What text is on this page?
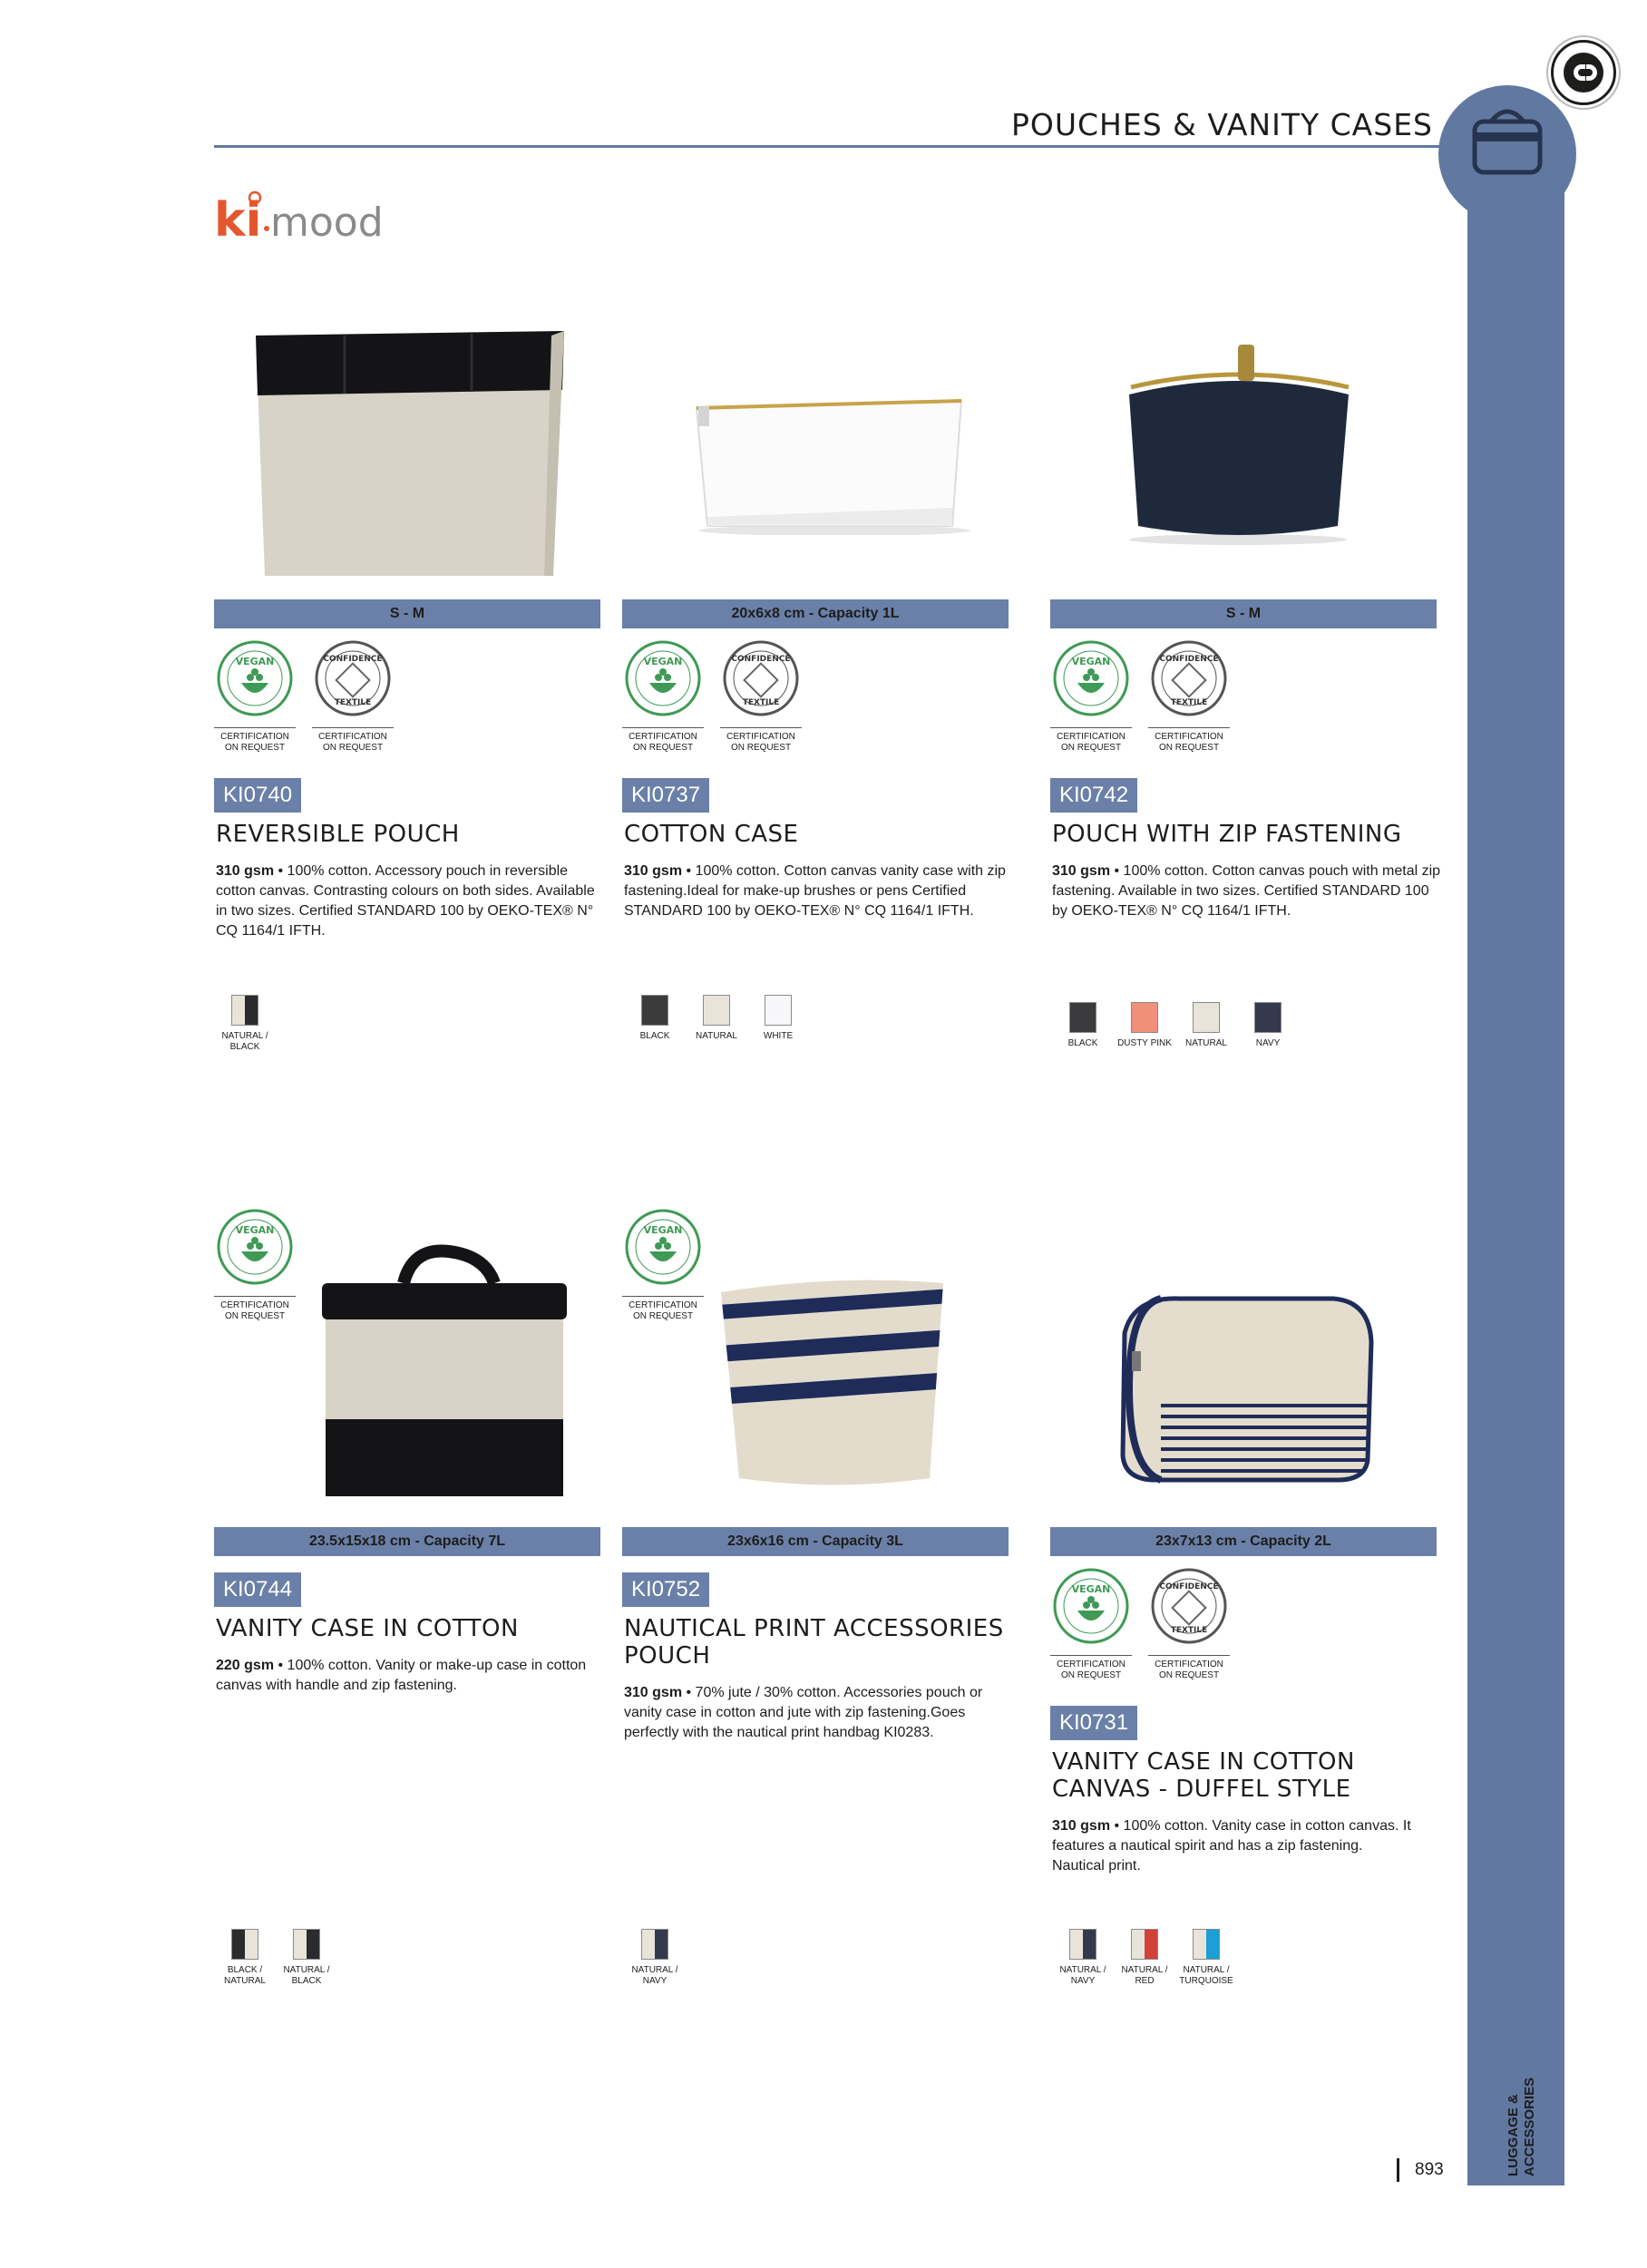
POUCHES & VANITY CASES
LUGGAGE & ACCESSORIES
893
ki mood
S - M
VEGAN
CERTIFICATION ON REQUEST
CONFIDENCE
TEXTILE
CERTIFICATION ON REQUEST
KI0740
REVERSIBLE POUCH
310 gsm • 100% cotton. Accessory pouch in reversible cotton canvas. Contrasting colours on both sides. Available in two sizes. Certified STANDARD 100 by OEKO-TEX® N° CQ 1164/1 IFTH.
NATURAL / BLACK
20x6x8 cm - Capacity 1L
VEGAN
CERTIFICATION ON REQUEST
CONFIDENCE
TEXTILE
CERTIFICATION ON REQUEST
KI0737
COTTON CASE
310 gsm • 100% cotton. Cotton canvas vanity case with zip fastening.Ideal for make-up brushes or pens Certified STANDARD 100 by OEKO-TEX® N° CQ 1164/1 IFTH.
BLACK	NATURAL	WHITE
S - M
VEGAN
CERTIFICATION ON REQUEST
CONFIDENCE
TEXTILE
CERTIFICATION ON REQUEST
KI0742
POUCH WITH ZIP FASTENING
310 gsm • 100% cotton. Cotton canvas pouch with metal zip fastening. Available in two sizes. Certified STANDARD 100 by OEKO-TEX® N° CQ 1164/1 IFTH.
BLACK	DUSTY PINK	NATURAL	NAVY
VEGAN
CERTIFICATION ON REQUEST
23.5x15x18 cm - Capacity 7L
KI0744
VANITY CASE IN COTTON
220 gsm • 100% cotton. Vanity or make-up case in cotton canvas with handle and zip fastening.
BLACK / NATURAL
NATURAL / BLACK
VEGAN
CERTIFICATION ON REQUEST
23x6x16 cm - Capacity 3L
KI0752
NAUTICAL PRINT ACCESSORIES
POUCH
310 gsm • 70% jute / 30% cotton. Accessories pouch or vanity case in cotton and jute with zip fastening.Goes perfectly with the nautical print handbag KI0283.
NATURAL / NAVY
23x7x13 cm - Capacity 2L
VEGAN
CERTIFICATION ON REQUEST
CONFIDENCE
TEXTILE
CERTIFICATION ON REQUEST
KI0731
VANITY CASE IN COTTON
CANVAS - DUFFEL STYLE
310 gsm • 100% cotton. Vanity case in cotton canvas. It features a nautical spirit and has a zip fastening. Nautical print.
NATURAL / NAVY
NATURAL / RED
NATURAL / TURQUOISE
